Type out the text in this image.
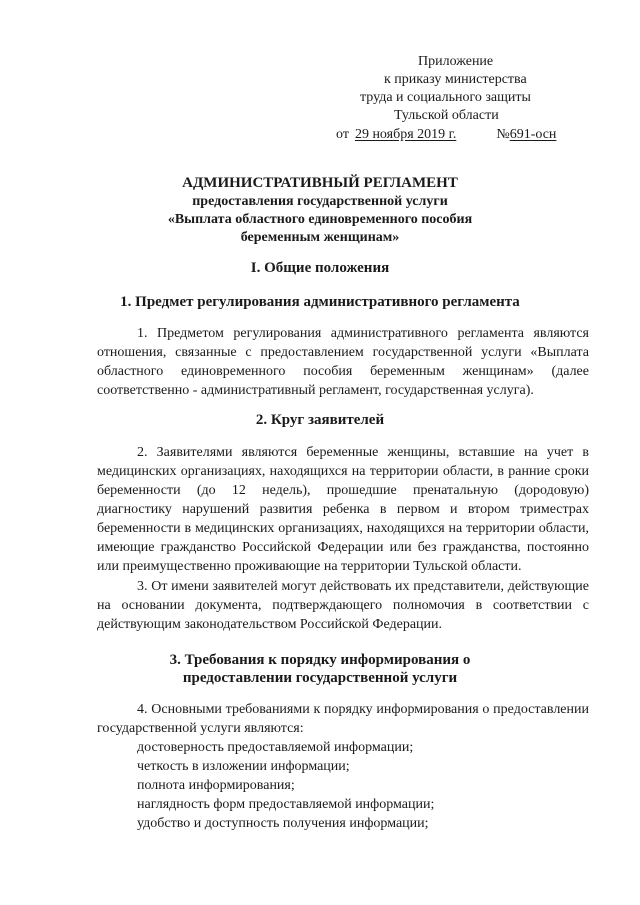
Приложение
к приказу министерства
труда и социального защиты
Тульской области
от 29 ноября 2019 г.	№691-осн
АДМИНИСТРАТИВНЫЙ РЕГЛАМЕНТ
предоставления государственной услуги
«Выплата областного единовременного пособия
беременным женщинам»
I. Общие положения
1. Предмет регулирования административного регламента

1. Предметом регулирования административного регламента являются отношения, связанные с предоставлением государственной услуги «Выплата областного единовременного пособия беременным женщинам» (далее соответственно - административный регламент, государственная услуга).

2. Круг заявителей

2. Заявителями являются беременные женщины, вставшие на учет в медицинских организациях, находящихся на территории области, в ранние сроки беременности (до 12 недель), прошедшие пренатальную (дородовую) диагностику нарушений развития ребенка в первом и втором триместрах беременности в медицинских организациях, находящихся на территории области, имеющие гражданство Российской Федерации или без гражданства, постоянно или преимущественно проживающие на территории Тульской области.

3. От имени заявителей могут действовать их представители, действующие на основании документа, подтверждающего полномочия в соответствии с действующим законодательством Российской Федерации.

3. Требования к порядку информирования о
предоставлении государственной услуги

4. Основными требованиями к порядку информирования о предоставлении государственной услуги являются:

достоверность предоставляемой информации;
четкость в изложении информации;
полнота информирования;
наглядность форм предоставляемой информации;
удобство и доступность получения информации;
